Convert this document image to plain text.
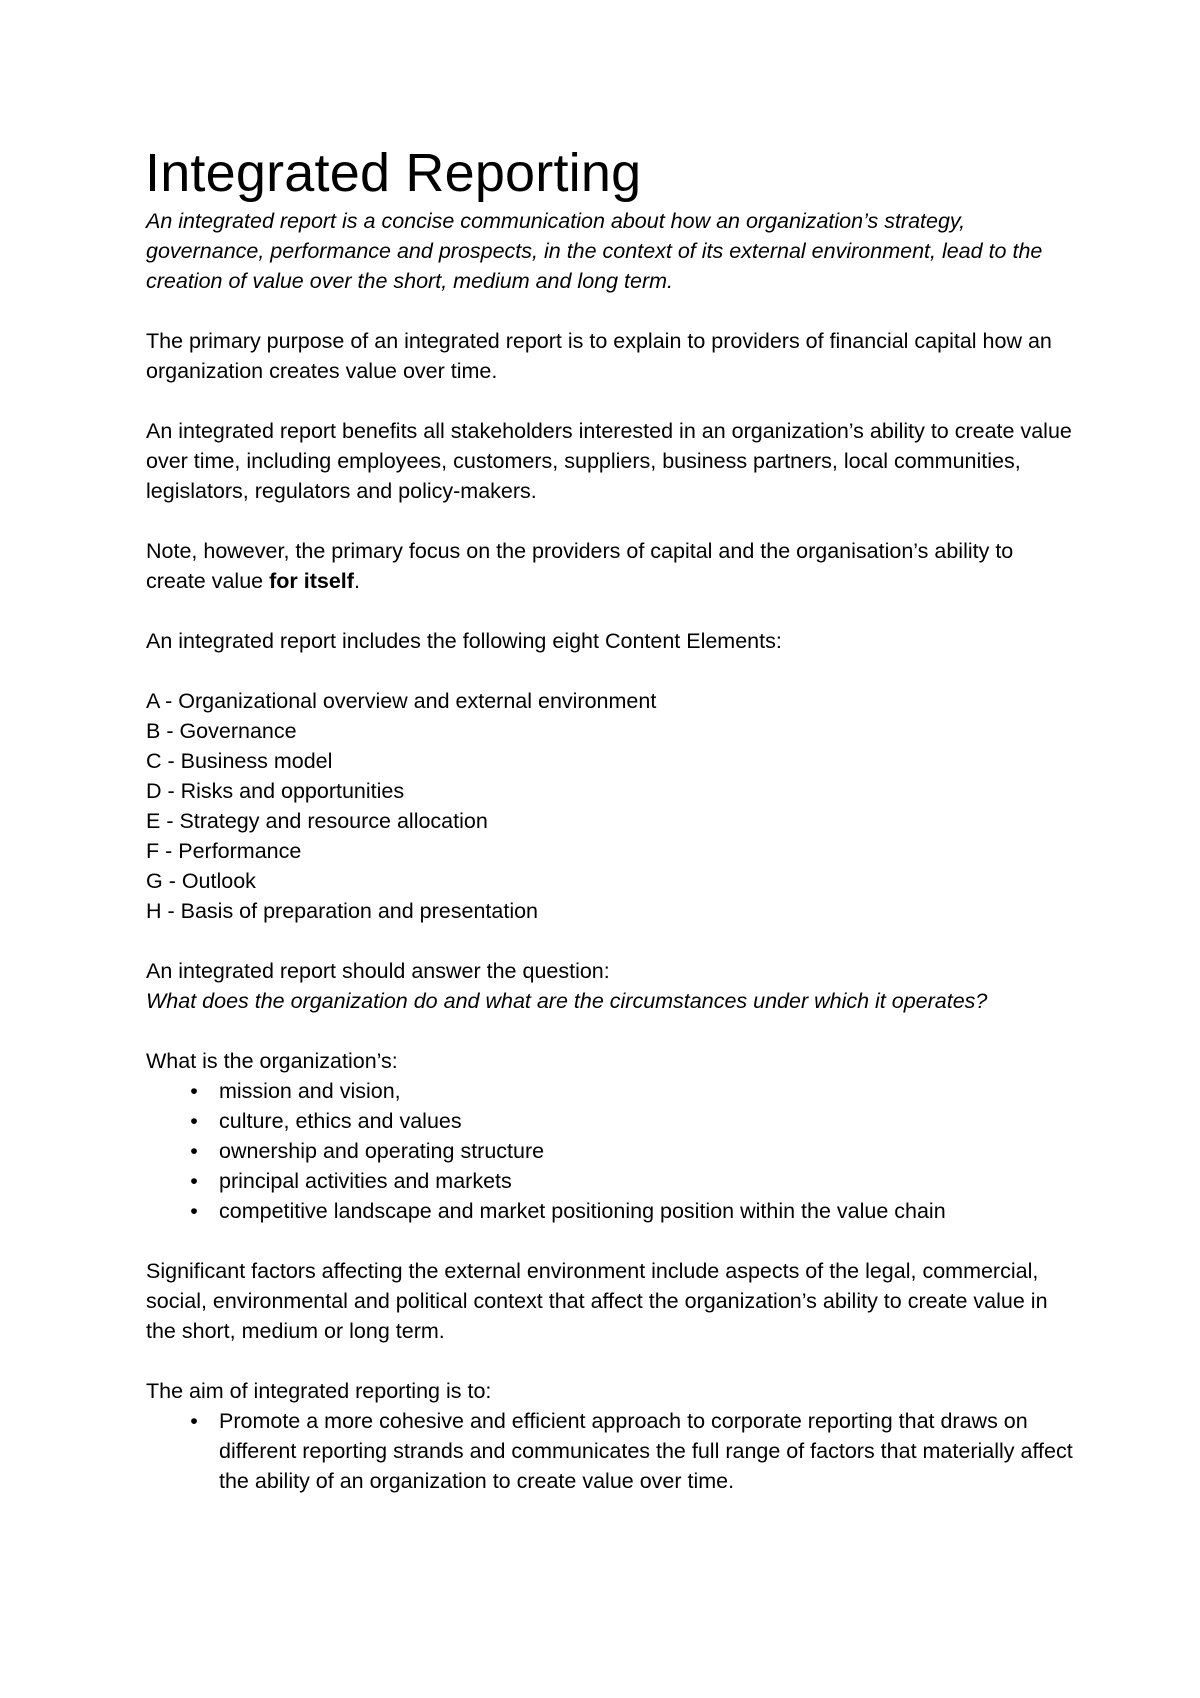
Integrated Reporting

An integrated report is a concise communication about how an organization’s strategy, governance, performance and prospects, in the context of its external environment, lead to the creation of value over the short, medium and long term.

The primary purpose of an integrated report is to explain to providers of financial capital how an organization creates value over time.

An integrated report benefits all stakeholders interested in an organization’s ability to create value over time, including employees, customers, suppliers, business partners, local communities, legislators, regulators and policy-makers.

Note, however, the primary focus on the providers of capital and the organisation’s ability to create value for itself.

An integrated report includes the following eight Content Elements:

A - Organizational overview and external environment
B - Governance
C - Business model
D - Risks and opportunities
E - Strategy and resource allocation
F - Performance
G - Outlook
H - Basis of preparation and presentation

An integrated report should answer the question:

What does the organization do and what are the circumstances under which it operates?

What is the organization’s:

• mission and vision,
• culture, ethics and values
• ownership and operating structure
• principal activities and markets
• competitive landscape and market positioning position within the value chain

Significant factors affecting the external environment include aspects of the legal, commercial, social, environmental and political context that affect the organization’s ability to create value in the short, medium or long term.

The aim of integrated reporting is to:

• Promote a more cohesive and efficient approach to corporate reporting that draws on different reporting strands and communicates the full range of factors that materially affect the ability of an organization to create value over time.
